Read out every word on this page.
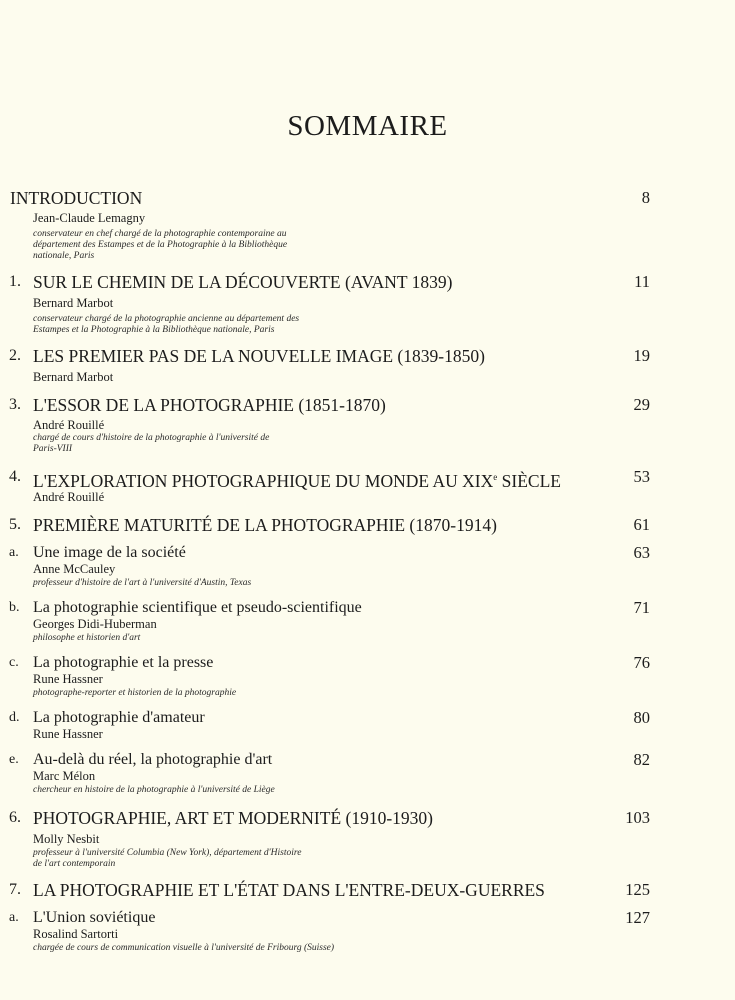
SOMMAIRE
INTRODUCTION	8
Jean-Claude Lemagny
conservateur en chef chargé de la photographie contemporaine au
département des Estampes et de la Photographie à la Bibliothèque
nationale, Paris
1. SUR LE CHEMIN DE LA DÉCOUVERTE (AVANT 1839)	11
Bernard Marbot
conservateur chargé de la photographie ancienne au département des
Estampes et la Photographie à la Bibliothèque nationale, Paris
2. LES PREMIER PAS DE LA NOUVELLE IMAGE (1839-1850)	19
Bernard Marbot
3. L'ESSOR DE LA PHOTOGRAPHIE (1851-1870)	29
André Rouillé
chargé de cours d'histoire de la photographie à l'université de
Paris-VIII
4. L'EXPLORATION PHOTOGRAPHIQUE DU MONDE AU XIXe SIÈCLE	53
André Rouillé
5. PREMIÈRE MATURITÉ DE LA PHOTOGRAPHIE (1870-1914)	61
a. Une image de la société	63
Anne McCauley
professeur d'histoire de l'art à l'université d'Austin, Texas
b. La photographie scientifique et pseudo-scientifique	71
Georges Didi-Huberman
philosophe et historien d'art
c. La photographie et la presse	76
Rune Hassner
photographe-reporter et historien de la photographie
d. La photographie d'amateur	80
Rune Hassner
e. Au-delà du réel, la photographie d'art	82
Marc Mélon
chercheur en histoire de la photographie à l'université de Liège
6. PHOTOGRAPHIE, ART ET MODERNITÉ (1910-1930)	103
Molly Nesbit
professeur à l'université Columbia (New York), département d'Histoire
de l'art contemporain
7. LA PHOTOGRAPHIE ET L'ÉTAT DANS L'ENTRE-DEUX-GUERRES	125
a. L'Union soviétique	127
Rosalind Sartorti
chargée de cours de communication visuelle à l'université de Fribourg (Suisse)
